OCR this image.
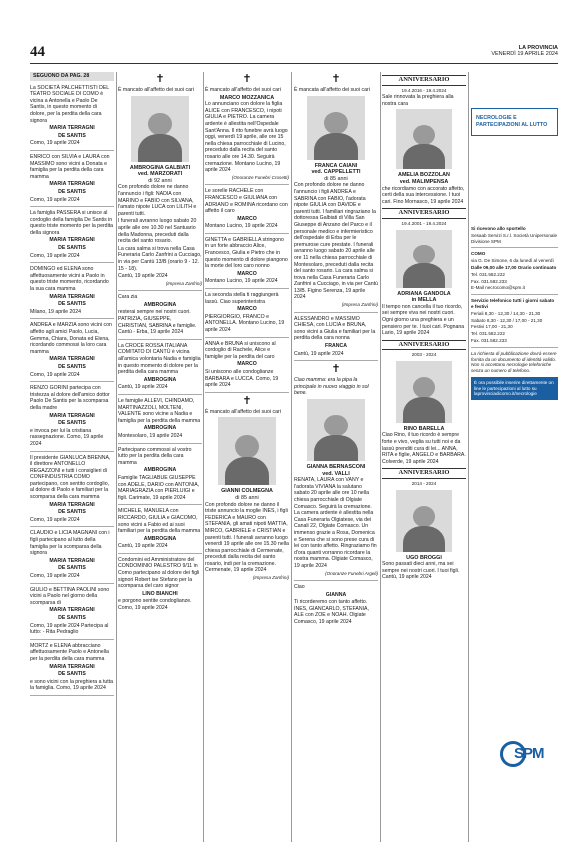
44	LA PROVINCIA
VENERDÌ 19 APRILE 2024
SEGUONO DA PAG. 28

La SOCIETÀ PALCHETTISTI DEL TEATRO SOCIALE DI COMO è vicina a Antonella e Paolo De Santis, in questo momento di dolore, per la perdita della cara signora

MARIA TERRAGNI
DE SANTIS

Como, 19 aprile 2024

ENRICO con SILVIA e LAURA con MASSIMO sono vicini a Donata e famiglia per la perdita della cara mamma

MARIA TERRAGNI
DE SANTIS

Como, 19 aprile 2024

La famiglia PASSERA si unisce al cordoglio della famiglia De Santis in questo triste momento per la perdita della signora

MARIA TERRAGNI
DE SANTIS

Como, 19 aprile 2024

DOMINGO ed ELENA sono affettuosamente vicini a Paolo in questo triste momento, ricordando la sua cara mamma

MARIA TERRAGNI
DE SANTIS

Milano, 19 aprile 2024

ANDREA e MARZIA sono vicini con affetto agli amici Paolo, Lucia, Gemma, Chiara, Donata ed Elena, ricordando commossi la loro cara mamma

MARIA TERRAGNI
DE SANTIS

Como, 19 aprile 2024

RENZO GORINI partecipa con tristezza al dolore dell'amico dottor Paolo De Santis per la scomparsa della madre

MARIA TERRAGNI
DE SANTIS

e invoca per lui la cristiana rassegnazione. Como, 19 aprile 2024

Il presidente GIANLUCA BRENNA, il direttore ANTONELLO REGAZZONI e tutti i consiglieri di CONFINDUSTRIA COMO partecipano, con sentito cordoglio, al dolore di Paolo e familiari per la scomparsa della cara mamma

MARIA TERRAGNI
DE SANTIS

Como, 19 aprile 2024

CLAUDIO e LICIA MAGNANI con i figli partecipano al lutto della famiglia per la scomparsa della signora

MARIA TERRAGNI
DE SANTIS

Como, 19 aprile 2024

GIULIO e BETTINA PAOLINI sono vicini a Paolo nel giorno della scomparsa di

MARIA TERRAGNI
DE SANTIS

Como, 19 aprile 2024 Partecipa al lutto: - Rita Pedraglio

MORTZ e ELENA abbracciano affettuosamente Paolo e Antonella per la perdita della cara mamma

MARIA TERRAGNI
DE SANTIS

e sono vicini con la preghiera a tutta la famiglia. Como, 19 aprile 2024

✝

È mancato all'affetto dei suoi cari

AMBROGINA GALBIATI
ved. MARZORATI
di 92 anni

Con profondo dolore ne danno l'annuncio i figli: NADIA con MARINO e FABIO con SILVANA, l'amato nipote LUCA con LILITH e parenti tutti.

I funerali avranno luogo sabato 20 aprile alle ore 10.30 nel Santuario della Madonna, preceduti dalla recita del santo rosario.

La cara salma si trova nella Casa Funeraria Carlo Zanfrini a Cucciago, in via per Cantù 13/B (orario 9 - 12. 15 - 18).

Cantù, 19 aprile 2024

(Impresa Zanfrini)

Cara zia

AMBROGINA

resterai sempre nei nostri cuori. PATRIZIA, GIUSEPPE, CHRISTIAN, SABRINA e famiglie. Cantù - Erba, 19 aprile 2024

La CROCE ROSSA ITALIANA COMITATO DI CANTÙ è vicina all'amica volontaria Nadia e famiglia in questo momento di dolore per la perdita della cara mamma

AMBROGINA

Cantù, 19 aprile 2024

Le famiglie ALLEVI, CHINDAMO, MARTINAZZOLI, MOLTENI, VALENTE sono vicine a Nadia e famiglia per la perdita della mamma

AMBROGINA

Montesolaro, 19 aprile 2024

Partecipano commossi al vostro lutto per la perdita della cara mamma

AMBROGINA

Famiglie TAGLIABUE GIUSEPPE con ADELE, DARIO con ANTONIA, MARIAGRAZIA con PIERLUIGI e figli. Carimate, 19 aprile 2024

MICHELE, MANUELA con RICCARDO, GIULIA e GIACOMO, sono vicini a Fabio ed ai suoi familiari per la perdita della mamma

AMBROGINA

Cantù, 19 aprile 2024

Condomini ed Amministratore del CONDOMINIO PALESTRO 9/11 in Como partecipano al dolore dei figli signori Robert ise Stefano per la scomparsa del caro signor

LINO BIANCHI

e porgono sentite condoglianze. Como, 19 aprile 2024

✝

È mancato all'affetto dei suoi cari

MARCO MOZZANICA

Lo annunciano con dolore la figlia ALICE con FRANCESCO, i nipoti GIULIA e PIETRO. La camera ardente è allestita nell'Ospedale Sant'Anna. Il rito funebre avrà luogo oggi, venerdì 19 aprile, alle ore 15 nella chiesa parrocchiale di Lucino, preceduto dalla recita del santo rosario alle ore 14.30. Seguirà cremazione. Montano Lucino, 19 aprile 2024

(Onoranze Funebri Crosetti)

Le sorelle RACHELE con FRANCESCO e GIULIANA con ADRIANO e ROMINA ricordano con affetto il caro

MARCO

Montano Lucino, 19 aprile 2024

GINETTA e GABRIELLA stringono in un forte abbraccio Alice, Francesco, Giulia e Pietro che in questo momento di dolore piangono la morte del loro caro nonno

MARCO

Montano Lucino, 19 aprile 2024

La seconda stella ti raggiungerà lassù. Ciao superinteristra

MARCO

PIERGIORGIO, FRANCO e ANTONELLA. Montano Lucino, 19 aprile 2024

ANNA e BRUNA si uniscono al cordoglio di Rachele, Alice e famiglie per la perdita del caro

MARCO

Si uniscono alle condoglianze BARBARA e LUCCA. Como, 19 aprile 2024

✝

È mancato all'affetto dei suoi cari

GIANNI COLMEGNA
di 85 anni

Con profondo dolore ne danno il triste annuncio la moglie INES, i figli FEDERICA e MAURO con STEFANIA, gli amati nipoti MATTIA, MIRCO, GABRIELE e CRISTIAN e parenti tutti. I funerali avranno luogo venerdì 19 aprile alle ore 15.30 nella chiesa parrocchiale di Cermenate, preceduti dalla recita del santo rosario, indi per la cremazione. Cermenate, 19 aprile 2024

(Impresa Zanfrini)
✝

È mancata all'affetto dei suoi cari

FRANCA CAIANI
ved. CAPPELLETTI
di 85 anni

Con profondo dolore ne danno l'annuncio i figli ANDREA e SABRINA con FABIO, l'adorata nipote GIULIA con DAVIDE e parenti tutti. I familiari ringraziano la dottoressa Galbiati di Villa San Giuseppe di Anzano del Parco e il personale medico e infermieristico dell'ospedale di Erba per le premurose cure prestate. I funerali avranno luogo sabato 20 aprile alle ore 11 nella chiesa parrocchiale di Montesolaro, preceduti dalla recita del santo rosario. La cara salma si trova nella Casa Funeraria Carlo Zanfrini a Cucciago, in via per Cantù 13/B. Figino Serenza, 19 aprile 2024

(Impresa Zanfrini)

ALESSANDRO e MASSIMO CHIESA, con LUCIA e BRUNA, sono vicini a Giulia e familiari per la perdita della cara nonna

FRANCA

Cantù, 19 aprile 2024

✝

Ciao mamma: era la pipa la principale in nuovo viaggio in sol bene.

GIANNA BERNASCONI
ved. VALLI

RENATA, LAURA con VANY e l'adorata VIVIANA la salutano sabato 20 aprile alle ore 10 nella chiesa parrocchiale di Olgiate Comasco. Seguirà la cremazione. La camera ardente è allestita nella Casa Funeraria Olgiatese, via dei Canali 22, Olgiate Comasco. Un immenso grazie a Rosa, Domenica e Serena che si sono prese cura di lei con tanto affetto. Ringraziamo fin d'ora quanti vorranno ricordare la nostra mamma. Olgiate Comasco, 19 aprile 2024

(Onoranze Funebri Argeli)

Ciao

GIANNA

Ti ricorderemo con tanto affetto. INES, GIANCARLO, STEFANIA, ALE con ZOE e NOAH. Olgiate Comasco, 19 aprile 2024

ANNIVERSARIO
19.4.2016 - 19.4.2024

Sale rinnovata la preghiera alla nostra cara

AMELIA BOZZOLAN
ved. MALIMPENSA

che ricordiamo con accorato affetto, certi della sua intercessione. I tuoi cari. Fino Mornasco, 19 aprile 2024

ANNIVERSARIO
19.4.2001 - 19.4.2024
ADRIANA GANDOLA
in MELLA

Il tempo non cancella il tuo ricordo, sei sempre viva nei nostri cuori. Ogni giorno una preghiera e un pensiero per te. I tuoi cari. Pognana Lario, 19 aprile 2024

ANNIVERSARIO
2003 - 2024
RINO BARELLA

Ciao Rino, il tuo ricordo è sempre forte e vivo, veglia su tutti noi e da lassù prenditi cura di lei... ANNA, RITA e figlie, ANGELO e BARBARA. Colverde, 19 aprile 2024

ANNIVERSARIO
2014 - 2024
UGO BROGGI

Sono passati dieci anni, ma sei sempre nei nostri cuori. I tuoi figli. Cantù, 19 aprile 2024

NECROLOGIE E PARTECIPAZIONI AL LUTTO

Si ricevono allo sportello

Sesaab Servizi S.r.l. Società Unipersonale Divisione SPM

COMO

via G. De Simone, 6 da lunedì al venerdì

Dalle 09,00 alle 17,00 Orario continuato

Tel. 031.582.222

Fax. 031.582.233

E-Mail necrocomo@spm.it

Servizio telefonico tutti i giorni sabato e festivi

Feriali 8,30 - 12,30 / 14,30 - 21,30

Sabato 8,30 - 12,30 / 17,00 - 21,30

Festivi 17,00 - 21,30

Tel. 031.582.222

Fax. 031.582.233

La richiesta di pubblicazione dovrà essere fornita da un documento di identità valido. Non si accettano necrologie telefoniche senza un numero di telefono.

È ora possibile inserire direttamente on line le partecipazioni al lutto su laprovinciadicomo.it/necrologie
SPM
